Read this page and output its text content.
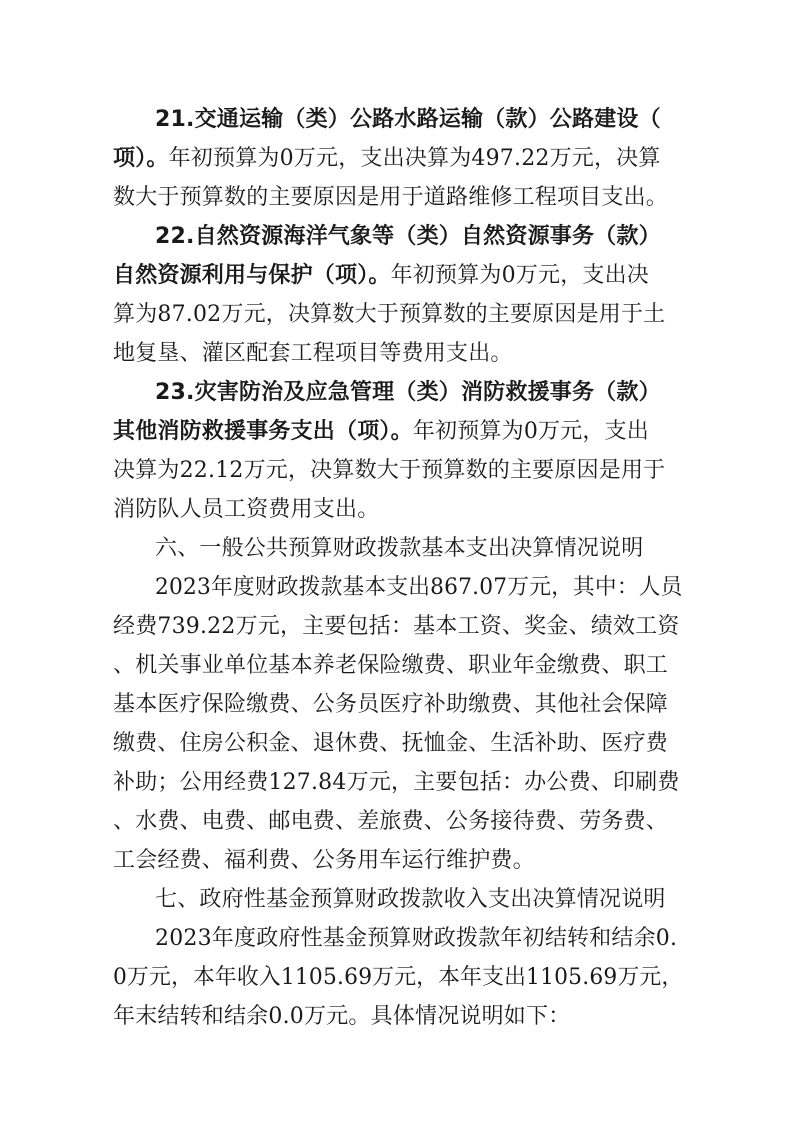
21.交通运输（类）公路水路运输（款）公路建设（
项）。年初预算为0万元，支出决算为497.22万元，决算
数大于预算数的主要原因是用于道路维修工程项目支出。
22.自然资源海洋气象等（类）自然资源事务（款）
自然资源利用与保护（项）。年初预算为0万元，支出决
算为87.02万元，决算数大于预算数的主要原因是用于土
地复垦、灌区配套工程项目等费用支出。
23.灾害防治及应急管理（类）消防救援事务（款）
其他消防救援事务支出（项）。年初预算为0万元，支出
决算为22.12万元，决算数大于预算数的主要原因是用于
消防队人员工资费用支出。
六、一般公共预算财政拨款基本支出决算情况说明
2023年度财政拨款基本支出867.07万元，其中：人员
经费739.22万元，主要包括：基本工资、奖金、绩效工资
、机关事业单位基本养老保险缴费、职业年金缴费、职工
基本医疗保险缴费、公务员医疗补助缴费、其他社会保障
缴费、住房公积金、退休费、抚恤金、生活补助、医疗费
补助；公用经费127.84万元，主要包括：办公费、印刷费
、水费、电费、邮电费、差旅费、公务接待费、劳务费、
工会经费、福利费、公务用车运行维护费。
七、政府性基金预算财政拨款收入支出决算情况说明
2023年度政府性基金预算财政拨款年初结转和结余0.
0万元，本年收入1105.69万元，本年支出1105.69万元，
年末结转和结余0.0万元。具体情况说明如下：
